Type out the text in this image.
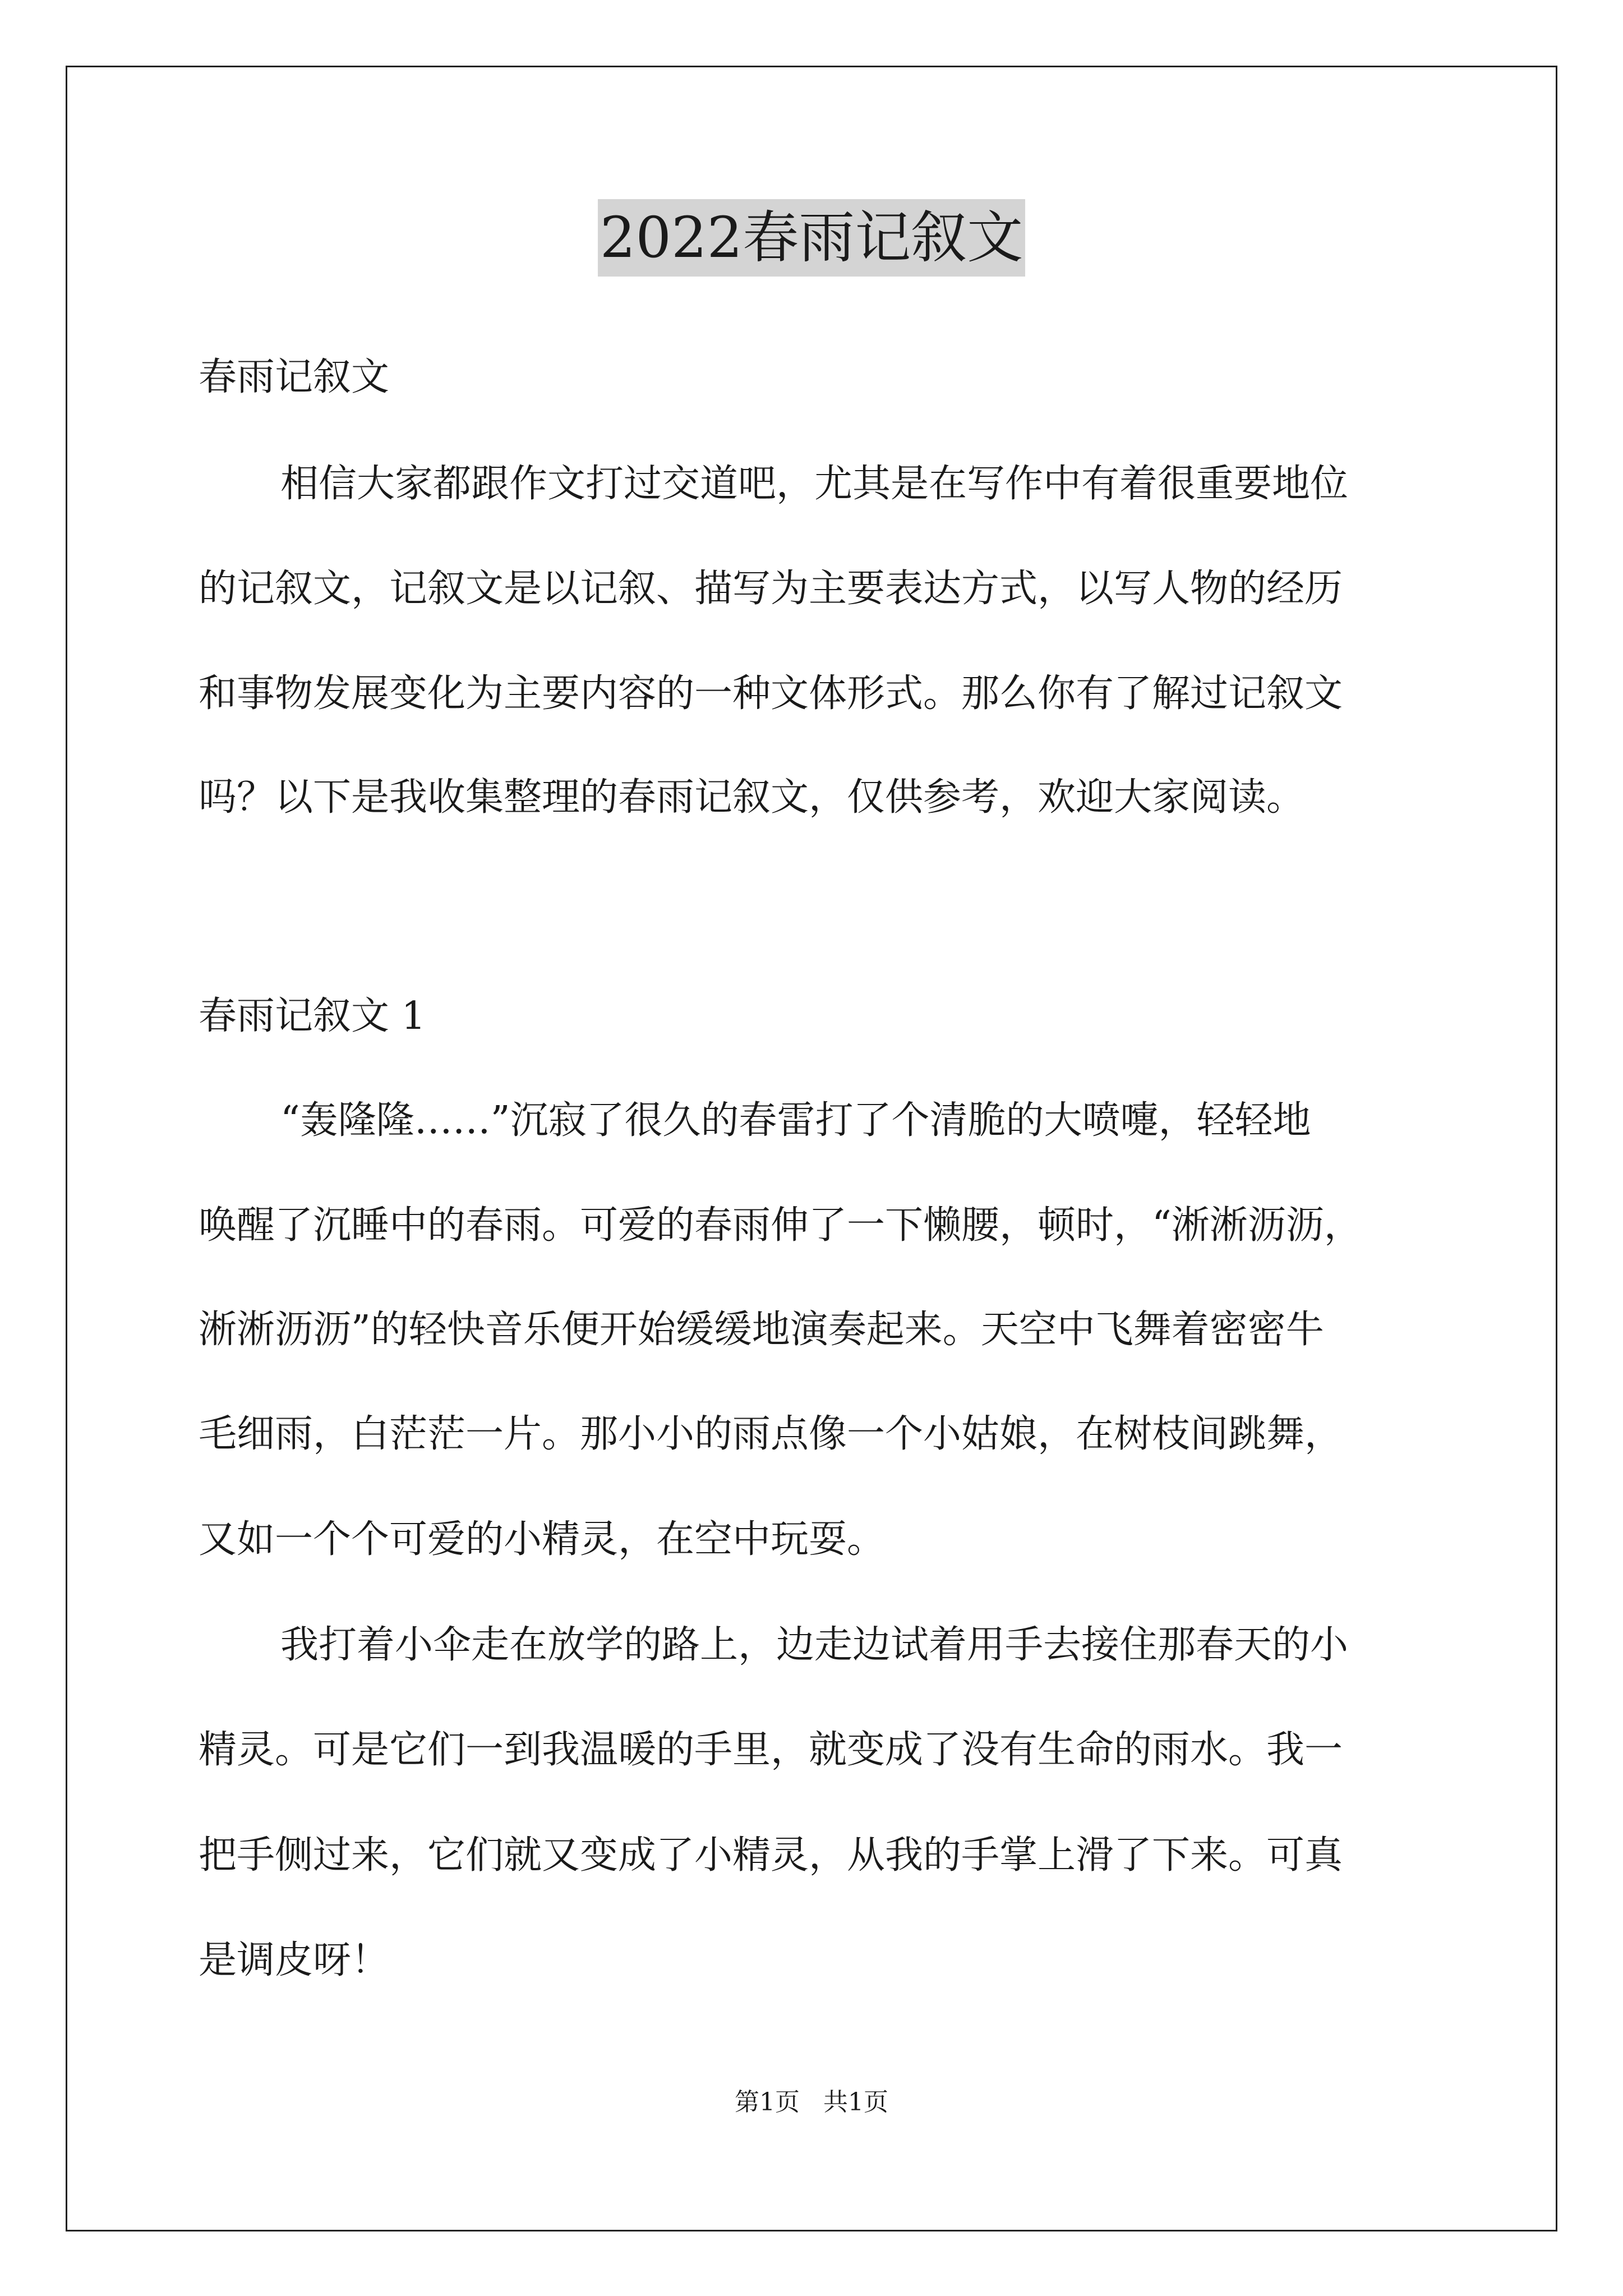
2022春雨记叙文

春雨记叙文

相信大家都跟作文打过交道吧，尤其是在写作中有着很重要地位

的记叙文，记叙文是以记叙、描写为主要表达方式，以写人物的经历

和事物发展变化为主要内容的一种文体形式。那么你有了解过记叙文

吗？以下是我收集整理的春雨记叙文，仅供参考，欢迎大家阅读。

春雨记叙文 1

“轰隆隆……”沉寂了很久的春雷打了个清脆的大喷嚏，轻轻地

唤醒了沉睡中的春雨。可爱的春雨伸了一下懒腰，顿时，“淅淅沥沥，

淅淅沥沥”的轻快音乐便开始缓缓地演奏起来。天空中飞舞着密密牛

毛细雨，白茫茫一片。那小小的雨点像一个小姑娘，在树枝间跳舞，

又如一个个可爱的小精灵，在空中玩耍。

我打着小伞走在放学的路上，边走边试着用手去接住那春天的小

精灵。可是它们一到我温暖的手里，就变成了没有生命的雨水。我一

把手侧过来，它们就又变成了小精灵，从我的手掌上滑了下来。可真

是调皮呀！

第1页   共1页
